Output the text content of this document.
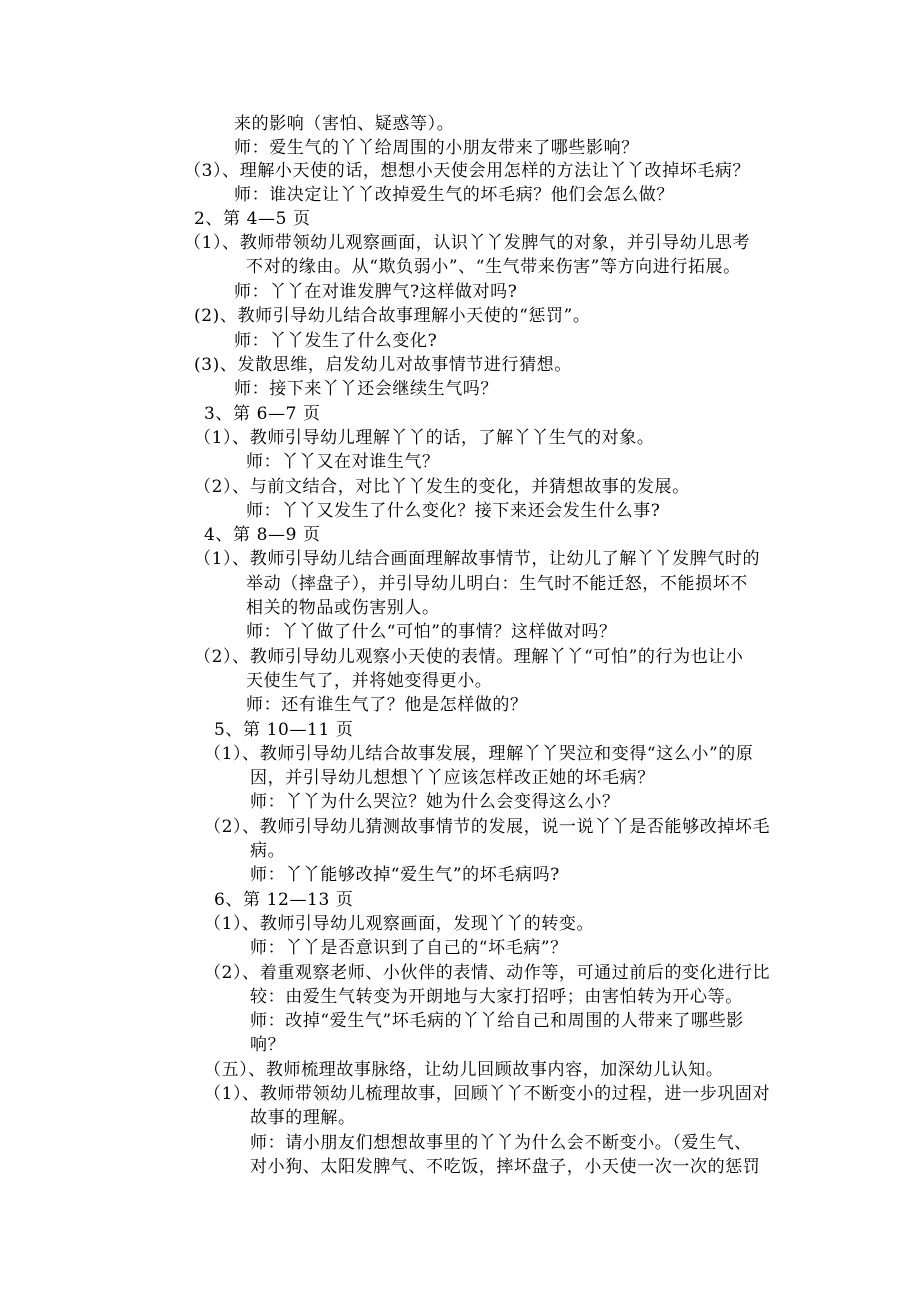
来的影响（害怕、疑惑等）。
师：爱生气的丫丫给周围的小朋友带来了哪些影响？
（3）、理解小天使的话，想想小天使会用怎样的方法让丫丫改掉坏毛病？
师：谁决定让丫丫改掉爱生气的坏毛病？他们会怎么做？
2、第 4—5 页
（1）、教师带领幼儿观察画面，认识丫丫发脾气的对象，并引导幼儿思考
不对的缘由。从“欺负弱小”、“生气带来伤害”等方向进行拓展。
师：丫丫在对谁发脾气?这样做对吗?
(2)、教师引导幼儿结合故事理解小天使的“惩罚”。
师：丫丫发生了什么变化?
(3)、发散思维，启发幼儿对故事情节进行猜想。
师：接下来丫丫还会继续生气吗？
3、第 6—7 页
（1）、教师引导幼儿理解丫丫的话，了解丫丫生气的对象。
师：丫丫又在对谁生气？
（2）、与前文结合，对比丫丫发生的变化，并猜想故事的发展。
师：丫丫又发生了什么变化？接下来还会发生什么事?
4、第 8—9 页
（1）、教师引导幼儿结合画面理解故事情节，让幼儿了解丫丫发脾气时的
举动（摔盘子），并引导幼儿明白：生气时不能迁怒，不能损坏不
相关的物品或伤害别人。
师：丫丫做了什么“可怕”的事情？这样做对吗？
（2）、教师引导幼儿观察小天使的表情。理解丫丫“可怕”的行为也让小
天使生气了，并将她变得更小。
师：还有谁生气了？他是怎样做的？
5、第 10—11 页
（1）、教师引导幼儿结合故事发展，理解丫丫哭泣和变得“这么小”的原
因，并引导幼儿想想丫丫应该怎样改正她的坏毛病？
师：丫丫为什么哭泣？她为什么会变得这么小？
（2）、教师引导幼儿猜测故事情节的发展，说一说丫丫是否能够改掉坏毛
病。
师：丫丫能够改掉“爱生气”的坏毛病吗?
6、第 12—13 页
（1）、教师引导幼儿观察画面，发现丫丫的转变。
师：丫丫是否意识到了自己的“坏毛病”？
（2）、着重观察老师、小伙伴的表情、动作等，可通过前后的变化进行比
较：由爱生气转变为开朗地与大家打招呼；由害怕转为开心等。
师：改掉“爱生气”坏毛病的丫丫给自己和周围的人带来了哪些影
响？
（五）、教师梳理故事脉络，让幼儿回顾故事内容，加深幼儿认知。
（1）、教师带领幼儿梳理故事，回顾丫丫不断变小的过程，进一步巩固对
故事的理解。
师：请小朋友们想想故事里的丫丫为什么会不断变小。（爱生气、
对小狗、太阳发脾气、不吃饭，摔坏盘子，小天使一次一次的惩罚
